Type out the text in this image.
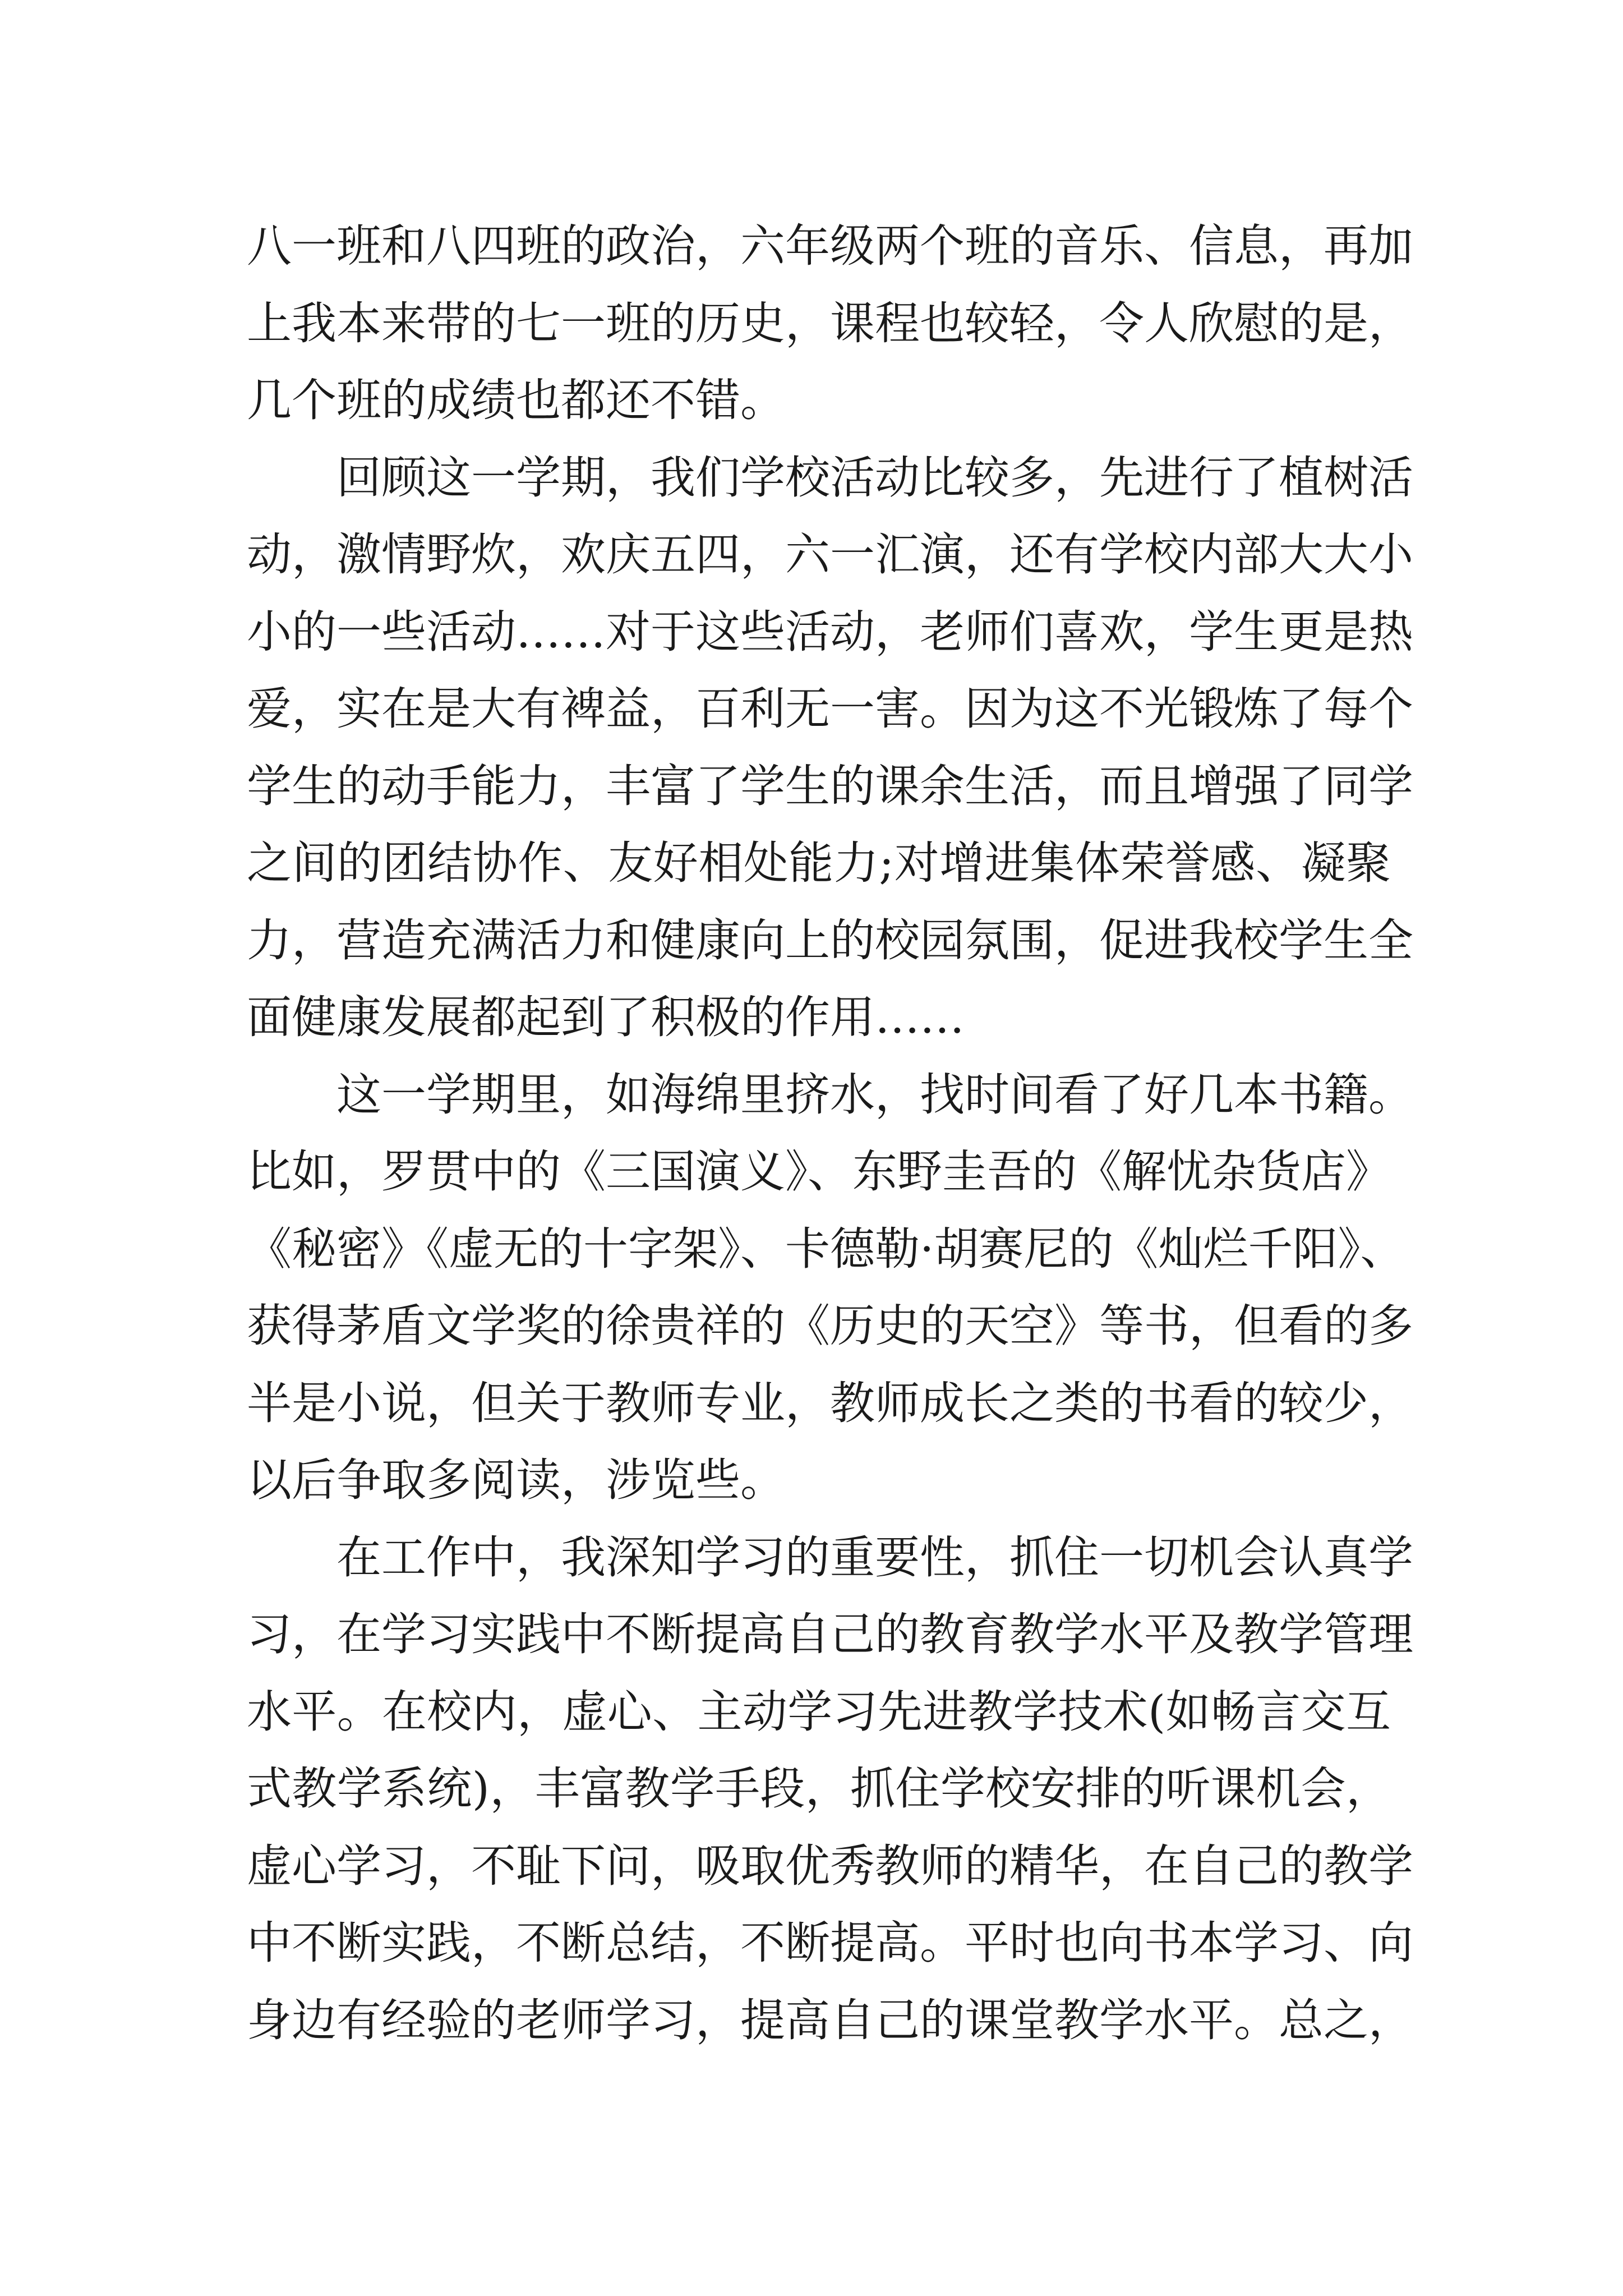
八一班和八四班的政治，六年级两个班的音乐、信息，再加
上我本来带的七一班的历史，课程也较轻，令人欣慰的是，
几个班的成绩也都还不错。
回顾这一学期，我们学校活动比较多，先进行了植树活
动，激情野炊，欢庆五四，六一汇演，还有学校内部大大小
小的一些活动……对于这些活动，老师们喜欢，学生更是热
爱，实在是大有裨益，百利无一害。因为这不光锻炼了每个
学生的动手能力，丰富了学生的课余生活，而且增强了同学
之间的团结协作、友好相处能力;对增进集体荣誉感、凝聚
力，营造充满活力和健康向上的校园氛围，促进我校学生全
面健康发展都起到了积极的作用……
这一学期里，如海绵里挤水，找时间看了好几本书籍。
比如，罗贯中的《三国演义》、东野圭吾的《解忧杂货店》
《秘密》《虚无的十字架》、卡德勒·胡赛尼的《灿烂千阳》、
获得茅盾文学奖的徐贵祥的《历史的天空》等书，但看的多
半是小说，但关于教师专业，教师成长之类的书看的较少，
以后争取多阅读，涉览些。
在工作中，我深知学习的重要性，抓住一切机会认真学
习，在学习实践中不断提高自己的教育教学水平及教学管理
水平。在校内，虚心、主动学习先进教学技术(如畅言交互
式教学系统)，丰富教学手段，抓住学校安排的听课机会，
虚心学习，不耻下问，吸取优秀教师的精华，在自己的教学
中不断实践，不断总结，不断提高。平时也向书本学习、向
身边有经验的老师学习，提高自己的课堂教学水平。总之，
